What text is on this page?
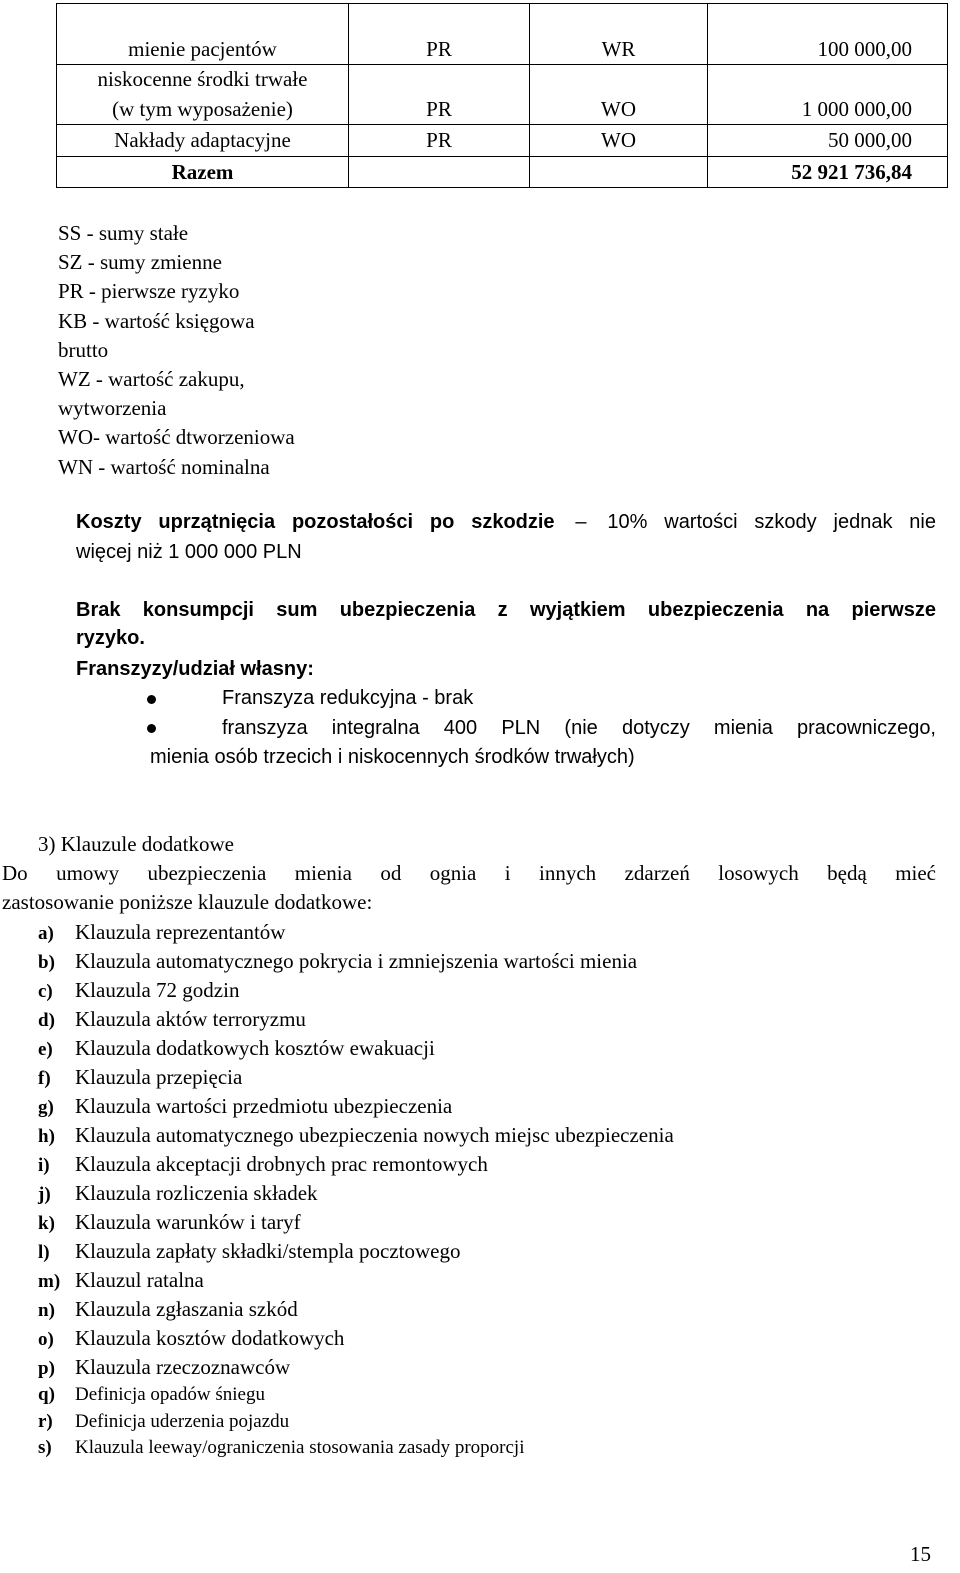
mienie pacjentów	PR	WR	100 000,00

niskocenne środki trwałe
(w tym wyposażenie)	PR	WO	1 000 000,00
Nakłady adaptacyjne	PR	WO	50 000,00
Razem			52 921 736,84
SS - sumy stałe
SZ - sumy zmienne
PR - pierwsze ryzyko
KB - wartość księgowa
brutto
WZ - wartość zakupu,
wytworzenia
WO- wartość dtworzeniowa
WN - wartość nominalna
Koszty uprzątnięcia pozostałości po szkodzie – 10% wartości szkody jednak nie
więcej niż 1 000 000 PLN
Brak konsumpcji sum ubezpieczenia z wyjątkiem ubezpieczenia na pierwsze
ryzyko.
Franszyzy/udział własny:
Franszyza redukcyjna - brak
franszyza integralna 400 PLN (nie dotyczy mienia pracowniczego,
mienia osób trzecich i niskocennych środków trwałych)
3) Klauzule dodatkowe
Do umowy ubezpieczenia mienia od ognia i innych zdarzeń losowych będą mieć
zastosowanie poniższe klauzule dodatkowe:
a) Klauzula reprezentantów
b) Klauzula automatycznego pokrycia i zmniejszenia wartości mienia
c) Klauzula 72 godzin
d) Klauzula aktów terroryzmu
e) Klauzula dodatkowych kosztów ewakuacji
f) Klauzula przepięcia
g) Klauzula wartości przedmiotu ubezpieczenia
h) Klauzula automatycznego ubezpieczenia nowych miejsc ubezpieczenia
i) Klauzula akceptacji drobnych prac remontowych
j) Klauzula rozliczenia składek
k) Klauzula warunków i taryf
l) Klauzula zapłaty składki/stempla pocztowego
m) Klauzul ratalna
n) Klauzula zgłaszania szkód
o) Klauzula kosztów dodatkowych
p) Klauzula rzeczoznawców
q) Definicja opadów śniegu
r) Definicja uderzenia pojazdu
s) Klauzula leeway/ograniczenia stosowania zasady proporcji
15
